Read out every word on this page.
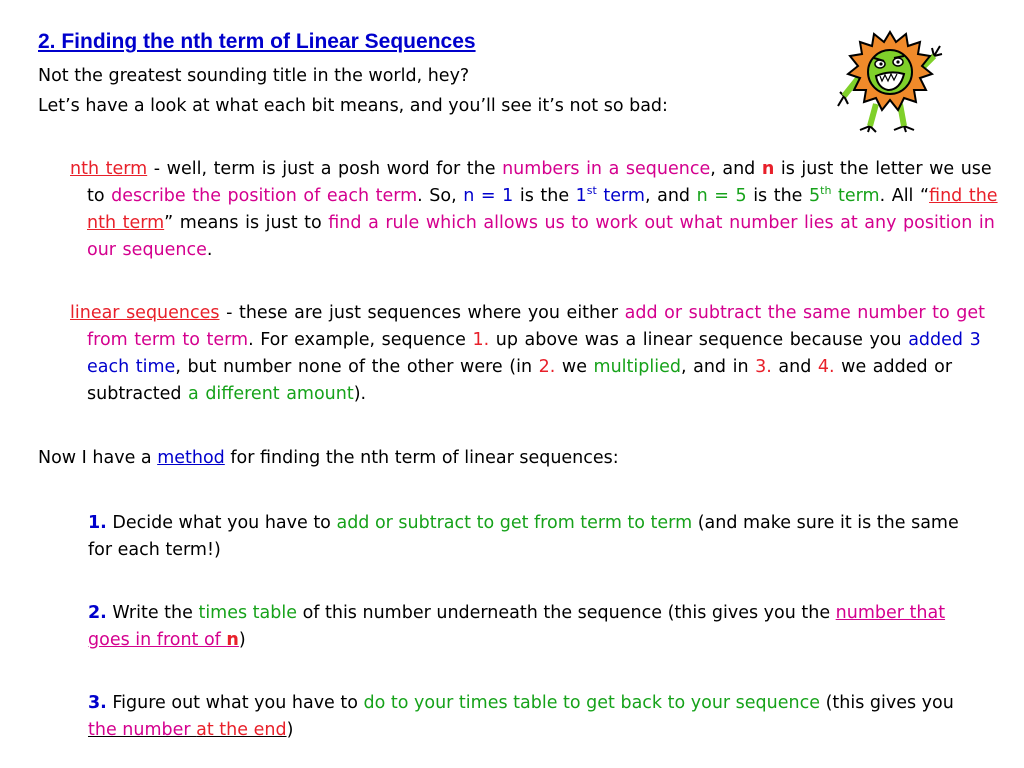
2. Finding the nth term of Linear Sequences
Not the greatest sounding title in the world, hey?
Let’s have a look at what each bit means, and you’ll see it’s not so bad:
nth term - well, term is just a posh word for the numbers in a sequence, and n is just the letter we use to describe the position of each term. So, n = 1 is the 1st term, and n = 5 is the 5th term. All “find the nth term” means is just to find a rule which allows us to work out what number lies at any position in our sequence.
linear sequences - these are just sequences where you either add or subtract the same number to get from term to term. For example, sequence 1. up above was a linear sequence because you added 3 each time, but number none of the other were (in 2. we multiplied, and in 3. and 4. we added or subtracted a different amount).
Now I have a method for finding the nth term of linear sequences:
1. Decide what you have to add or subtract to get from term to term (and make sure it is the same for each term!)
2. Write the times table of this number underneath the sequence (this gives you the number that goes in front of n)
3. Figure out what you have to do to your times table to get back to your sequence (this gives you the number at the end)
